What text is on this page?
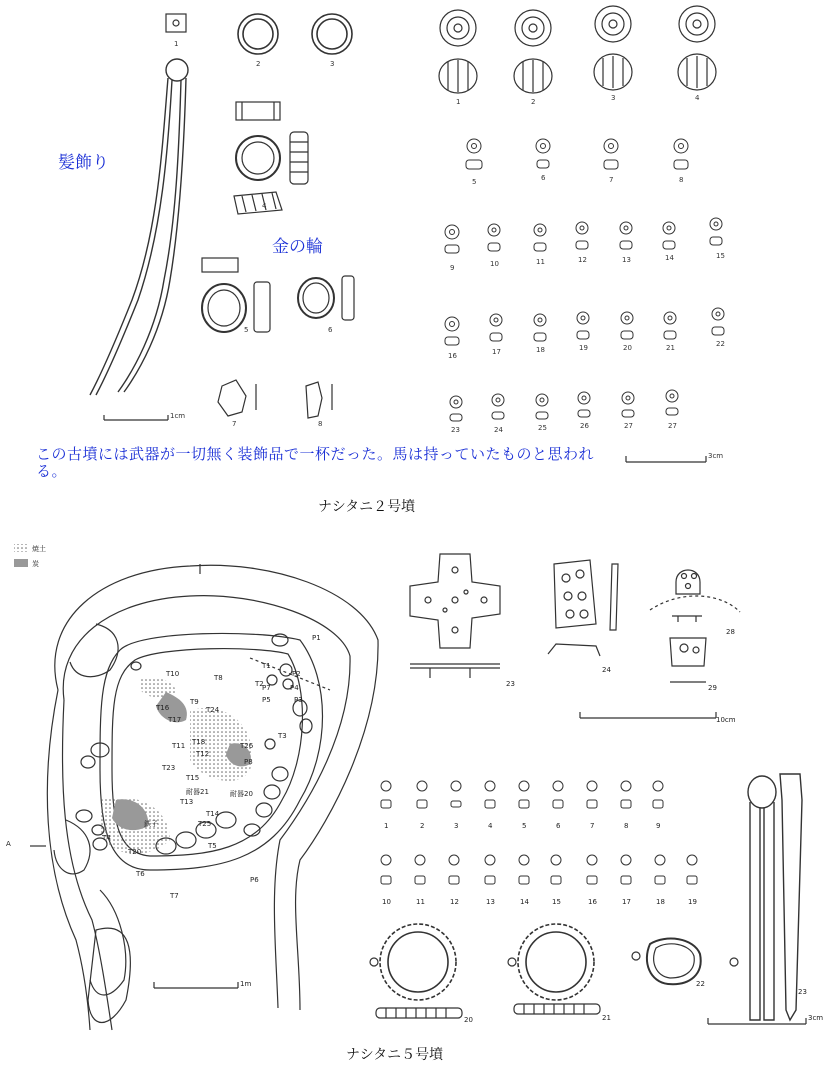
1
2	3
4
5	6
7	8
1cm
3cm
1	2	3	4
5	6	7	8
9	10	11	12	13	14	15
16	17	18	19	20	21	22
23	24	25	26	27	27
髪飾り
金の輪
この古墳には武器が一切無く装飾品で一杯だった。馬は持っていたものと思われる。
ナシタニ２号墳
焼土
炭
T1
T2
T3
T4
T5
T6
T7
T8
T9
T10
T11
T12
T13
T14
T15
T16
T17
T18
T20
T23
T24
T25
T26
P1
P2
P3
P4
P5
P6
P7
P8
鉄子
耐器21	耐器20
A
1m
23
24
28
29
10cm
1	2	3	4	5	6	7	8	9
10	11	12	13	14	15	16	17	18	19
20	21
22
23
3cm
ナシタニ５号墳
